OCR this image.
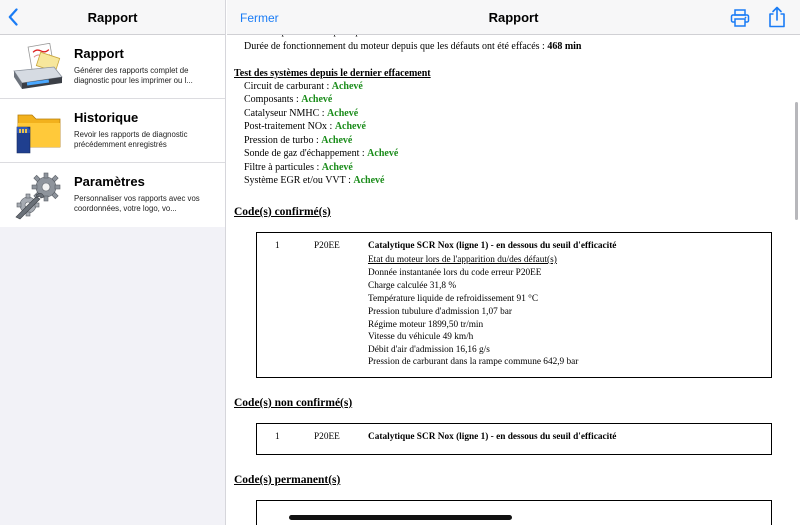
Rapport
Rapport
Générer des rapports complet de diagnostic pour les imprimer ou l...
Historique
Revoir les rapports de diagnostic précédemment enregistrés
Paramètres
Personnaliser vos rapports avec vos coordonnées, votre logo, vo...
Fermer	Rapport
Durée de fonctionnement du moteur depuis que les défauts ont été effacés : 468 min
Test des systèmes depuis le dernier effacement
Circuit de carburant : Achevé
Composants : Achevé
Catalyseur NMHC : Achevé
Post-traitement NOx : Achevé
Pression de turbo : Achevé
Sonde de gaz d'échappement : Achevé
Filtre à particules : Achevé
Système EGR et/ou VVT : Achevé
Code(s) confirmé(s)
1	P20EE	Catalytique SCR Nox (ligne 1) - en dessous du seuil d'efficacité
Etat du moteur lors de l'apparition du/des défaut(s)
Donnée instantanée lors du code erreur P20EE
Charge calculée 31,8 %
Température liquide de refroidissement 91 °C
Pression tubulure d'admission 1,07 bar
Régime moteur 1899,50 tr/min
Vitesse du véhicule 49 km/h
Débit d'air d'admission 16,16 g/s
Pression de carburant dans la rampe commune 642,9 bar
Code(s) non confirmé(s)
1	P20EE	Catalytique SCR Nox (ligne 1) - en dessous du seuil d'efficacité
Code(s) permanent(s)
